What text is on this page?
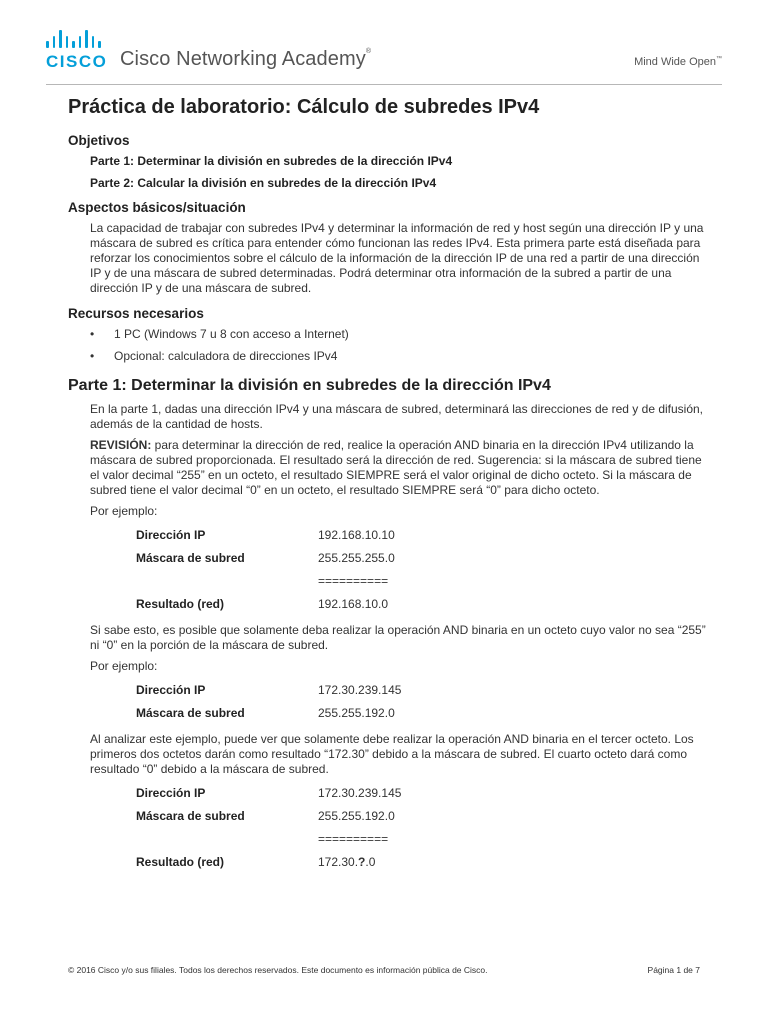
CISCO Cisco Networking Academy®
Mind Wide Open™
Práctica de laboratorio: Cálculo de subredes IPv4
Objetivos

Parte 1: Determinar la división en subredes de la dirección IPv4

Parte 2: Calcular la división en subredes de la dirección IPv4

Aspectos básicos/situación

La capacidad de trabajar con subredes IPv4 y determinar la información de red y host según una dirección IP y una máscara de subred es crítica para entender cómo funcionan las redes IPv4. Esta primera parte está diseñada para reforzar los conocimientos sobre el cálculo de la información de la dirección IP de una red a partir de una dirección IP y de una máscara de subred determinadas. Podrá determinar otra información de la subred a partir de una dirección IP y de una máscara de subred.

Recursos necesarios
• 1 PC (Windows 7 u 8 con acceso a Internet)
• Opcional: calculadora de direcciones IPv4
Parte 1: Determinar la división en subredes de la dirección IPv4

En la parte 1, dadas una dirección IPv4 y una máscara de subred, determinará las direcciones de red y de difusión, además de la cantidad de hosts.

REVISIÓN: para determinar la dirección de red, realice la operación AND binaria en la dirección IPv4 utilizando la máscara de subred proporcionada. El resultado será la dirección de red. Sugerencia: si la máscara de subred tiene el valor decimal “255” en un octeto, el resultado SIEMPRE será el valor original de dicho octeto. Si la máscara de subred tiene el valor decimal “0” en un octeto, el resultado SIEMPRE será “0” para dicho octeto.

Por ejemplo:

Dirección IP	192.168.10.10
Máscara de subred	255.255.255.0
	==========
Resultado (red)	192.168.10.0

Si sabe esto, es posible que solamente deba realizar la operación AND binaria en un octeto cuyo valor no sea “255” ni “0” en la porción de la máscara de subred.

Por ejemplo:

Dirección IP	172.30.239.145
Máscara de subred	255.255.192.0

Al analizar este ejemplo, puede ver que solamente debe realizar la operación AND binaria en el tercer octeto. Los primeros dos octetos darán como resultado “172.30” debido a la máscara de subred. El cuarto octeto dará como resultado “0” debido a la máscara de subred.

Dirección IP	172.30.239.145
Máscara de subred	255.255.192.0
	==========
Resultado (red)	172.30.?.0
© 2016 Cisco y/o sus filiales. Todos los derechos reservados. Este documento es información pública de Cisco.	Página 1 de 7
